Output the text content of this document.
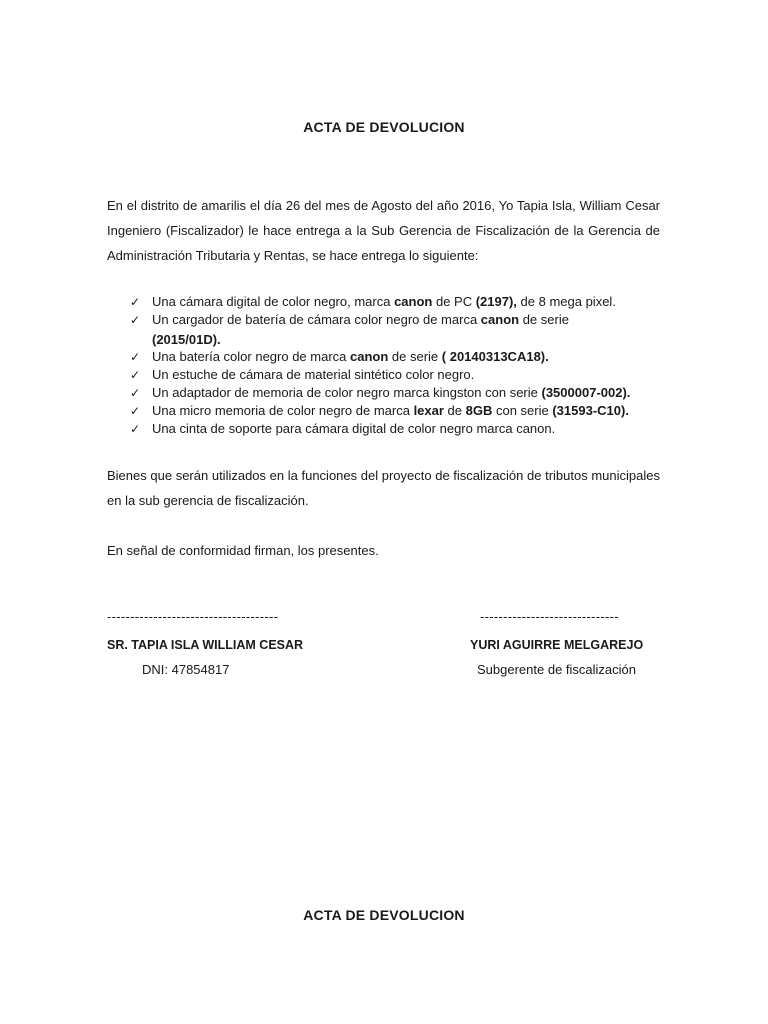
ACTA DE DEVOLUCION

En el distrito de amarilis el día 26 del mes de Agosto del año 2016, Yo Tapia Isla, William Cesar Ingeniero (Fiscalizador) le hace entrega a la Sub Gerencia de Fiscalización de la Gerencia de Administración Tributaria y Rentas, se hace entrega lo siguiente:

✓ Una cámara digital de color negro, marca canon de PC (2197), de 8 mega pixel.
✓ Un cargador de batería de cámara color negro de marca canon de serie
(2015/01D).
✓ Una batería color negro de marca canon de serie ( 20140313CA18).
✓ Un estuche de cámara de material sintético color negro.
✓ Un adaptador de memoria de color negro marca kingston con serie (3500007-002).
✓ Una micro memoria de color negro de marca lexar de 8GB con serie (31593-C10).
✓ Una cinta de soporte para cámara digital de color negro marca canon.

Bienes que serán utilizados en la funciones del proyecto de fiscalización de tributos municipales en la sub gerencia de fiscalización.

En señal de conformidad firman, los presentes.

-------------------------------------	------------------------------
SR. TAPIA ISLA WILLIAM CESAR	YURI AGUIRRE MELGAREJO
DNI: 47854817	Subgerente de fiscalización
ACTA DE DEVOLUCION
